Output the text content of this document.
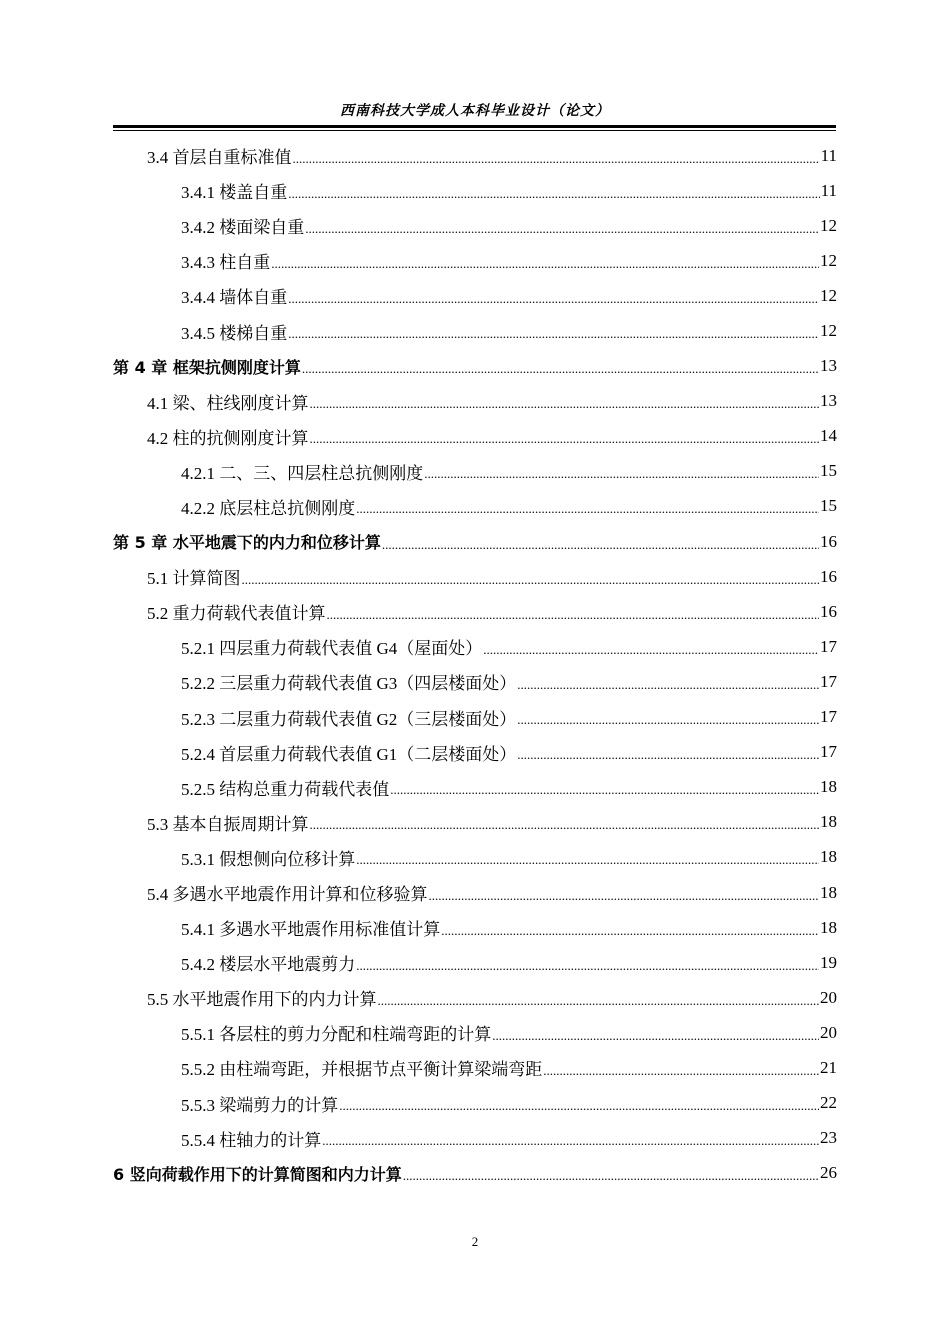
西南科技大学成人本科毕业设计（论文）
3.4 首层自重标准值 .....	11
3.4.1 楼盖自重 .....	11
3.4.2 楼面梁自重 .....	12
3.4.3 柱自重 .....	12
3.4.4 墙体自重 .....	12
3.4.5 楼梯自重 .....	12
第 4 章 框架抗侧刚度计算 .....	13
4.1 梁、柱线刚度计算 .....	13
4.2 柱的抗侧刚度计算 .....	14
4.2.1 二、三、四层柱总抗侧刚度 .....	15
4.2.2 底层柱总抗侧刚度 .....	15
第 5 章 水平地震下的内力和位移计算 .....	16
5.1 计算简图 .....	16
5.2 重力荷载代表值计算 .....	16
5.2.1 四层重力荷载代表值 G4（屋面处） .....	17
5.2.2 三层重力荷载代表值 G3（四层楼面处） .....	17
5.2.3 二层重力荷载代表值 G2（三层楼面处） .....	17
5.2.4 首层重力荷载代表值 G1（二层楼面处） .....	17
5.2.5 结构总重力荷载代表值 .....	18
5.3 基本自振周期计算 .....	18
5.3.1 假想侧向位移计算 .....	18
5.4 多遇水平地震作用计算和位移验算 .....	18
5.4.1 多遇水平地震作用标准值计算 .....	18
5.4.2 楼层水平地震剪力 .....	19
5.5 水平地震作用下的内力计算 .....	20
5.5.1 各层柱的剪力分配和柱端弯距的计算 .....	20
5.5.2 由柱端弯距，并根据节点平衡计算梁端弯距 .....	21
5.5.3 梁端剪力的计算 .....	22
5.5.4 柱轴力的计算 .....	23
6 竖向荷载作用下的计算简图和内力计算 .....	26
2
